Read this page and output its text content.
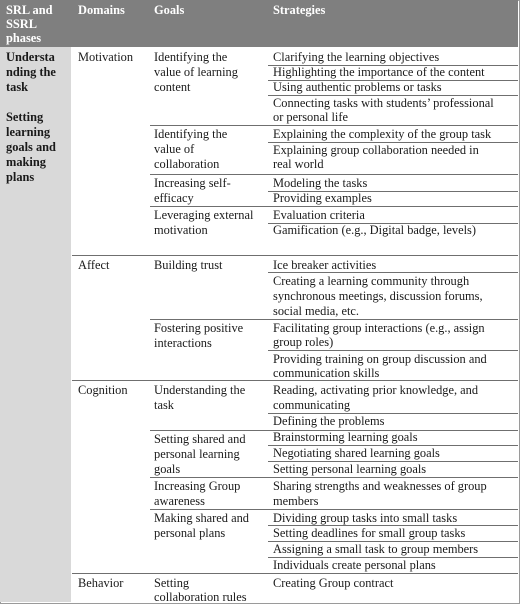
SRL and
SSRL
phases
Domains Goals	Strategies
Understa
nding the
task
Setting
learning
goals and
making
plans
Motivation
Affect
Cognition
Behavior
Identifying the
value of learning
content
Identifying the
value of
collaboration
Increasing self-
efficacy
Leveraging external
motivation
Building trust
Fostering positive
interactions
Understanding the
task
Setting shared and
personal learning
goals
Increasing Group
awareness
Making shared and
personal plans
Setting
collaboration rules
Clarifying the learning objectives
Highlighting the importance of the content
Using authentic problems or tasks
Connecting tasks with students’ professional
or personal life
Explaining the complexity of the group task
Explaining group collaboration needed in
real world
Modeling the tasks
Providing examples
Evaluation criteria
Gamification (e.g., Digital badge, levels)
Ice breaker activities
Creating a learning community through
synchronous meetings, discussion forums,
social media, etc.
Facilitating group interactions (e.g., assign
group roles)
Providing training on group discussion and
communication skills
Reading, activating prior knowledge, and
communicating
Defining the problems
Brainstorming learning goals
Negotiating shared learning goals
Setting personal learning goals
Sharing strengths and weaknesses of group
members
Dividing group tasks into small tasks
Setting deadlines for small group tasks
Assigning a small task to group members
Individuals create personal plans
Creating Group contract
